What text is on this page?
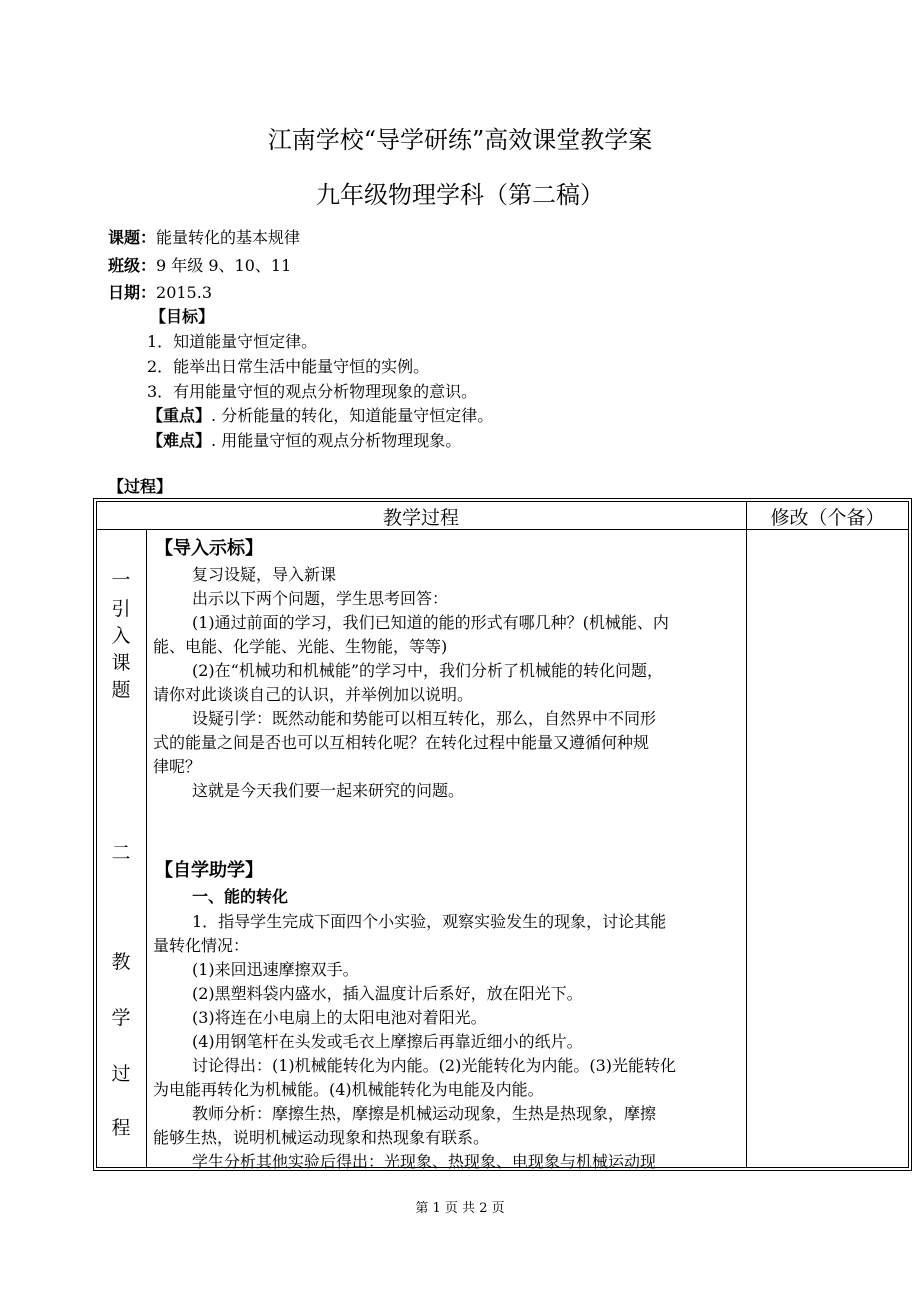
江南学校“导学研练”高效课堂教学案
九年级物理学科（第二稿）
课题：能量转化的基本规律
班级：9 年级 9、10、11
日期：2015.3
【目标】
1．知道能量守恒定律。
2．能举出日常生活中能量守恒的实例。
3．有用能量守恒的观点分析物理现象的意识。
【重点】. 分析能量的转化，知道能量守恒定律。
【难点】. 用能量守恒的观点分析物理现象。
【过程】
教学过程	修改（个备）
一
引
入
课
题
二
教
学
过
程
【导入示标】
复习设疑，导入新课
出示以下两个问题，学生思考回答：
(1)通过前面的学习，我们已知道的能的形式有哪几种？(机械能、内
能、电能、化学能、光能、生物能，等等)
(2)在“机械功和机械能”的学习中，我们分析了机械能的转化问题，
请你对此谈谈自己的认识，并举例加以说明。
设疑引学：既然动能和势能可以相互转化，那么，自然界中不同形
式的能量之间是否也可以互相转化呢？在转化过程中能量又遵循何种规
律呢？
这就是今天我们要一起来研究的问题。
【自学助学】
一、能的转化
1．指导学生完成下面四个小实验，观察实验发生的现象，讨论其能
量转化情况：
(1)来回迅速摩擦双手。
(2)黑塑料袋内盛水，插入温度计后系好，放在阳光下。
(3)将连在小电扇上的太阳电池对着阳光。
(4)用钢笔杆在头发或毛衣上摩擦后再靠近细小的纸片。
讨论得出：(1)机械能转化为内能。(2)光能转化为内能。(3)光能转化
为电能再转化为机械能。(4)机械能转化为电能及内能。
教师分析：摩擦生热，摩擦是机械运动现象，生热是热现象，摩擦
能够生热，说明机械运动现象和热现象有联系。
学生分析其他实验后得出：光现象、热现象、电现象与机械运动现
第 1 页 共 2 页
